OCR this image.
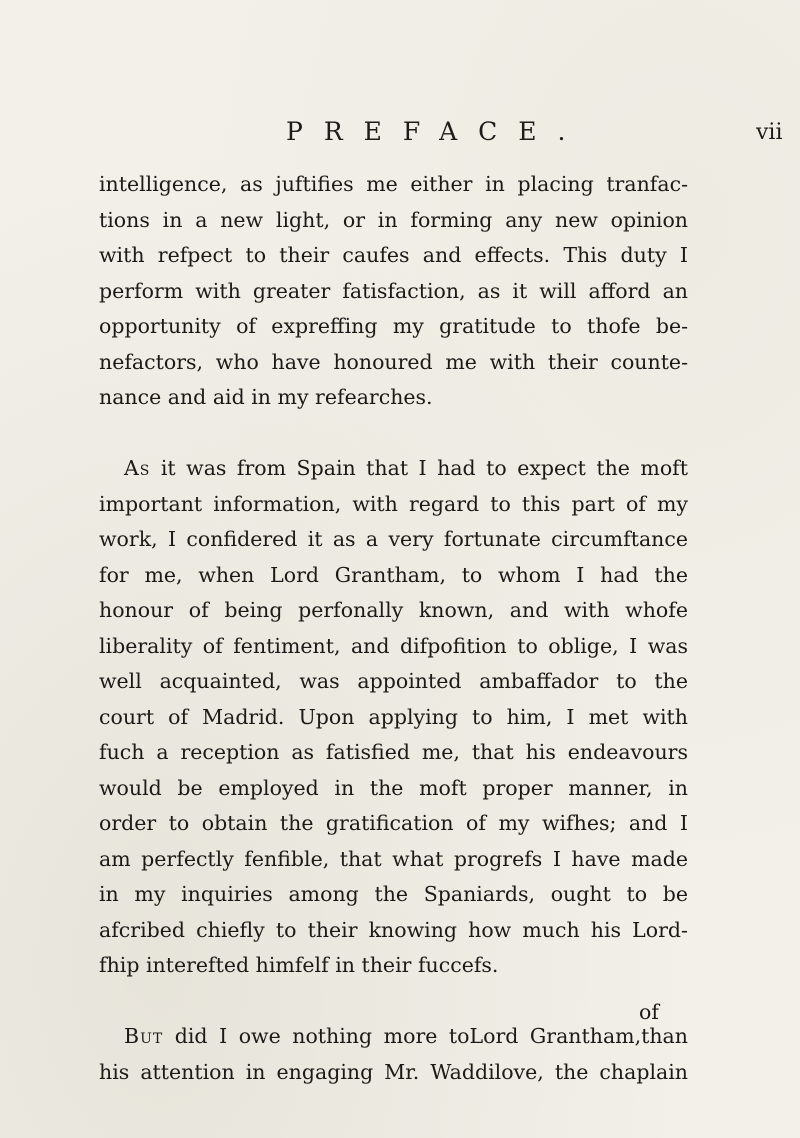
PREFACE.	vii

intelligence, as juftifies me either in placing tranfac-
tions in a new light, or in forming any new opinion
with refpect to their caufes and effects. This duty I
perform with greater fatisfaction, as it will afford an
opportunity of expreffing my gratitude to thofe be-
nefactors, who have honoured me with their counte-
nance and aid in my refearches.

As it was from Spain that I had to expect the moft
important information, with regard to this part of my
work, I confidered it as a very fortunate circumftance
for me, when Lord Grantham, to whom I had the
honour of being perfonally known, and with whofe
liberality of fentiment, and difpofition to oblige, I was
well acquainted, was appointed ambaffador to the
court of Madrid. Upon applying to him, I met with
fuch a reception as fatisfied me, that his endeavours
would be employed in the moft proper manner, in
order to obtain the gratification of my wifhes; and I
am perfectly fenfible, that what progrefs I have made
in my inquiries among the Spaniards, ought to be
afcribed chiefly to their knowing how much his Lord-
fhip interefted himfelf in their fuccefs.

But did I owe nothing more toLord Grantham,than
his attention in engaging Mr. Waddilove, the chaplain

of
